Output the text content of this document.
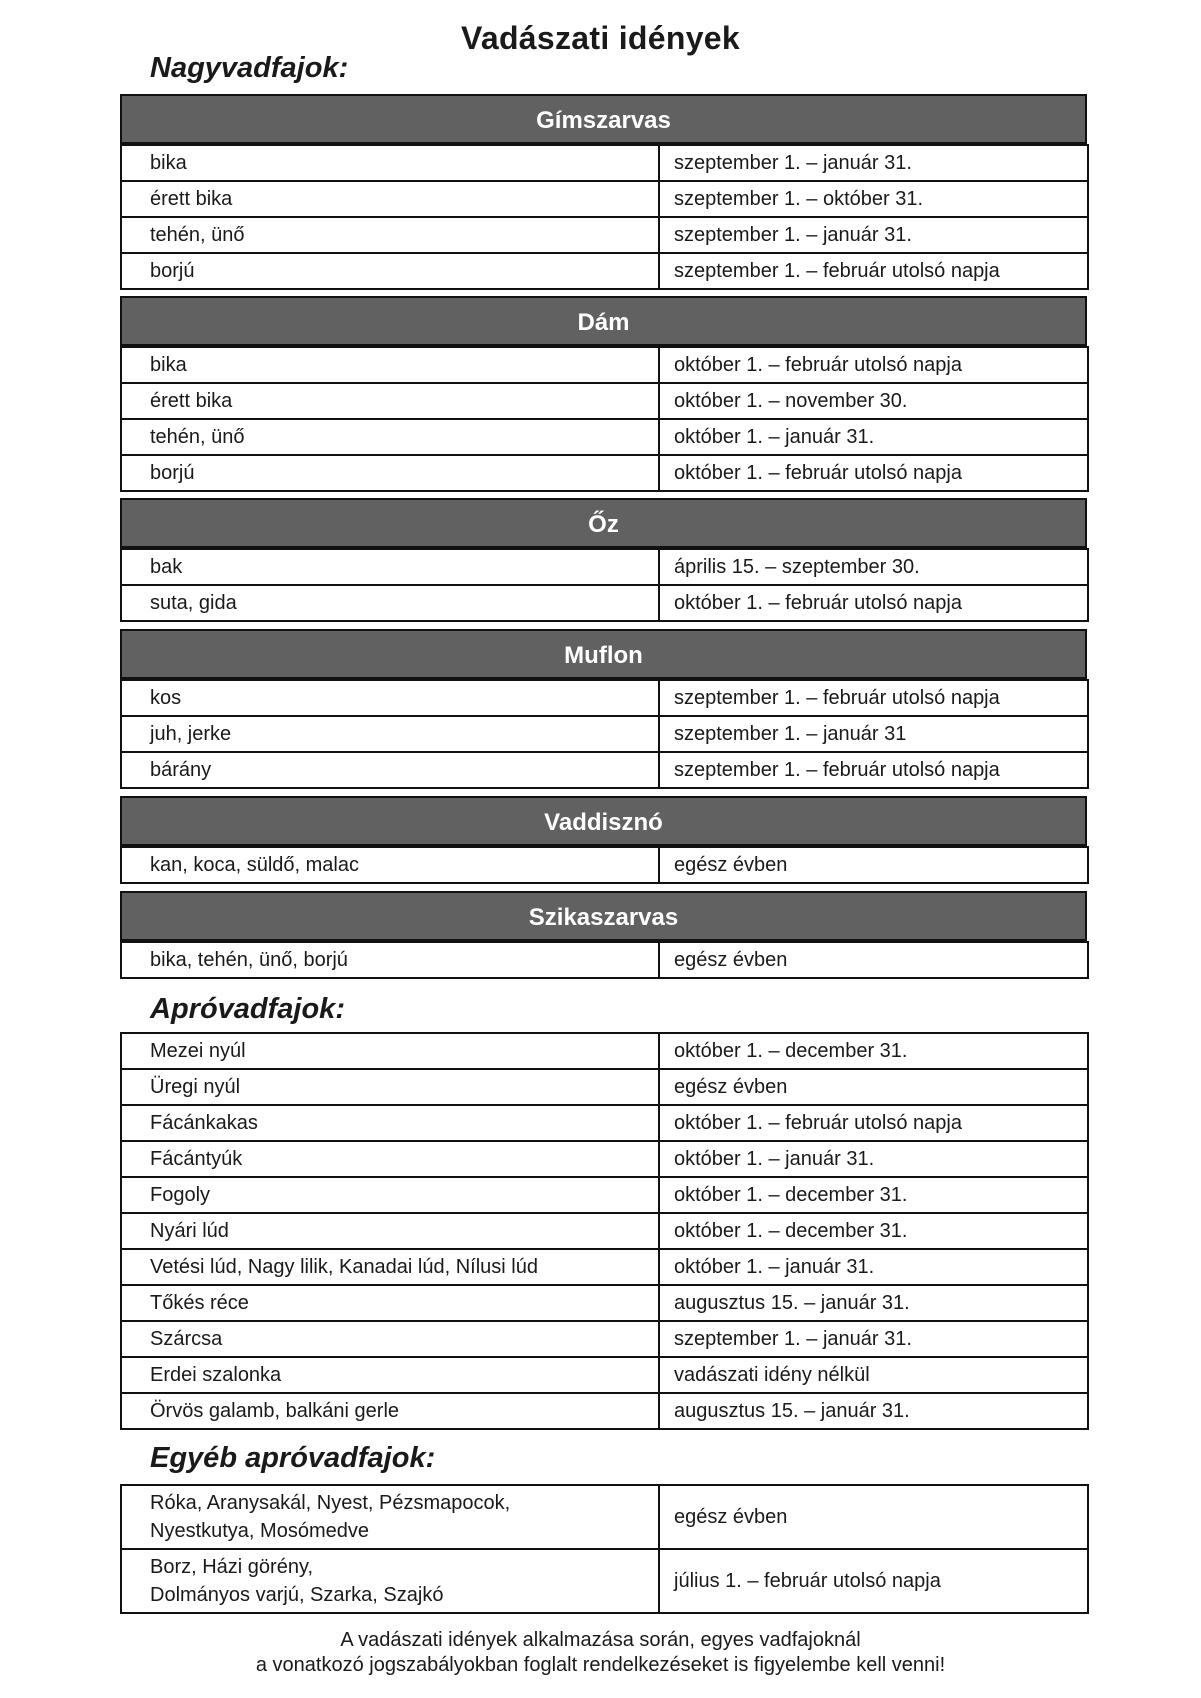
Vadászati idények
Nagyvadfajok:
Gímszarvas
bika	szeptember 1. – január 31.
érett bika	szeptember 1. – október 31.
tehén, ünő	szeptember 1. – január 31.
borjú	szeptember 1. – február utolsó napja
Dám
bika	október 1. – február utolsó napja
érett bika	október 1. – november 30.
tehén, ünő	október 1. – január 31.
borjú	október 1. – február utolsó napja
Őz
bak	április 15. – szeptember 30.
suta, gida	október 1. – február utolsó napja
Muflon
kos	szeptember 1. – február utolsó napja
juh, jerke	szeptember 1. – január 31
bárány	szeptember 1. – február utolsó napja
Vaddisznó
kan, koca, süldő, malac	egész évben
Szikaszarvas
bika, tehén, ünő, borjú	egész évben
Apróvadfajok:
Mezei nyúl	október 1. – december 31.
Üregi nyúl	egész évben
Fácánkakas	október 1. – február utolsó napja
Fácántyúk	október 1. – január 31.
Fogoly	október 1. – december 31.
Nyári lúd	október 1. – december 31.
Vetési lúd, Nagy lilik, Kanadai lúd, Nílusi lúd	október 1. – január 31.
Tőkés réce	augusztus 15. – január 31.
Szárcsa	szeptember 1. – január 31.
Erdei szalonka	vadászati idény nélkül
Örvös galamb, balkáni gerle	augusztus 15. – január 31.
Egyéb apróvadfajok:
Róka, Aranysakál, Nyest, Pézsmapocok,
Nyestkutya, Mosómedve	egész évben

Borz, Házi görény,
Dolmányos varjú, Szarka, Szajkó	július 1. – február utolsó napja
A vadászati idények alkalmazása során, egyes vadfajoknál
a vonatkozó jogszabályokban foglalt rendelkezéseket is figyelembe kell venni!
